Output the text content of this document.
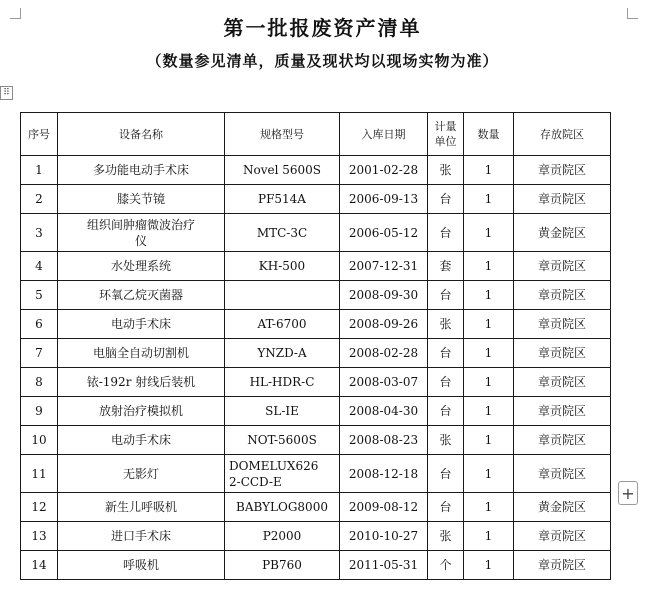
第一批报废资产清单
（数量参见清单，质量及现状均以现场实物为准）
⠿
+
序号	设备名称	规格型号	入库日期	计量
单位	数量	存放院区
1	多功能电动手术床	Novel 5600S	2001-02-28	张	1	章贡院区
2	膝关节镜	PF514A	2006-09-13	台	1	章贡院区
3	组织间肿瘤微波治疗
仪	MTC-3C	2006-05-12	台	1	黄金院区
4	水处理系统	KH-500	2007-12-31	套	1	章贡院区
5	环氧乙烷灭菌器		2008-09-30	台	1	章贡院区
6	电动手术床	AT-6700	2008-09-26	张	1	章贡院区
7	电脑全自动切割机	YNZD-A	2008-02-28	台	1	章贡院区
8	铱-192r 射线后装机	HL-HDR-C	2008-03-07	台	1	章贡院区
9	放射治疗模拟机	SL-IE	2008-04-30	台	1	章贡院区
10	电动手术床	NOT-5600S	2008-08-23	张	1	章贡院区
11	无影灯	DOMELUX626
2-CCD-E	2008-12-18	台	1	章贡院区
12	新生儿呼吸机	BABYLOG8000	2009-08-12	台	1	黄金院区
13	进口手术床	P2000	2010-10-27	张	1	章贡院区
14	呼吸机	PB760	2011-05-31	个	1	章贡院区
